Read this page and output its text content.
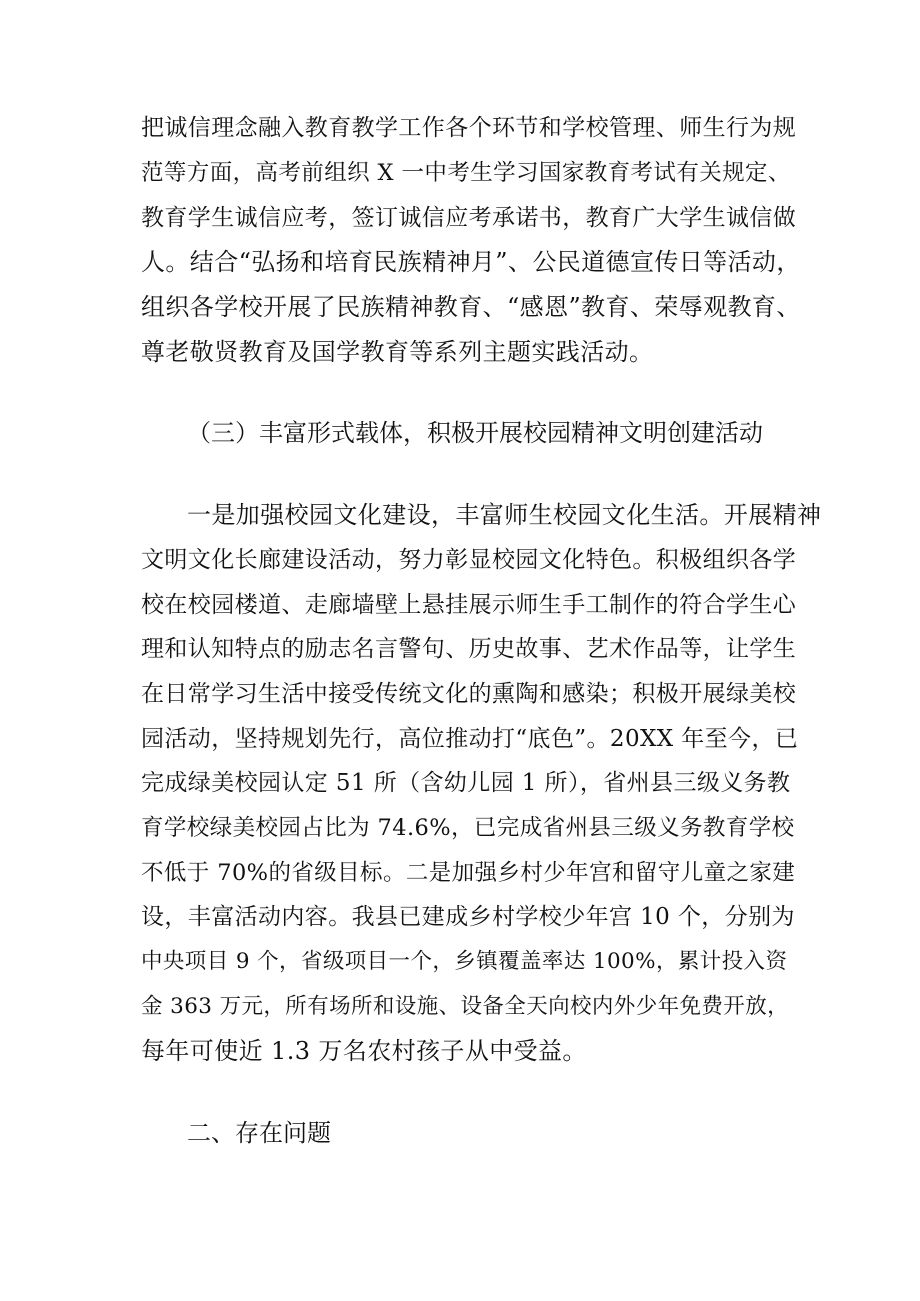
把诚信理念融入教育教学工作各个环节和学校管理、师生行为规
范等方面，高考前组织 X 一中考生学习国家教育考试有关规定、
教育学生诚信应考，签订诚信应考承诺书，教育广大学生诚信做
人。结合“弘扬和培育民族精神月”、公民道德宣传日等活动，
组织各学校开展了民族精神教育、“感恩”教育、荣辱观教育、
尊老敬贤教育及国学教育等系列主题实践活动。
（三）丰富形式载体，积极开展校园精神文明创建活动
一是加强校园文化建设，丰富师生校园文化生活。开展精神
文明文化长廊建设活动，努力彰显校园文化特色。积极组织各学
校在校园楼道、走廊墙壁上悬挂展示师生手工制作的符合学生心
理和认知特点的励志名言警句、历史故事、艺术作品等，让学生
在日常学习生活中接受传统文化的熏陶和感染；积极开展绿美校
园活动，坚持规划先行，高位推动打“底色”。20XX 年至今，已
完成绿美校园认定 51 所（含幼儿园 1 所），省州县三级义务教
育学校绿美校园占比为 74.6%，已完成省州县三级义务教育学校
不低于 70%的省级目标。二是加强乡村少年宫和留守儿童之家建
设，丰富活动内容。我县已建成乡村学校少年宫 10 个，分别为
中央项目 9 个，省级项目一个，乡镇覆盖率达 100%，累计投入资
金 363 万元，所有场所和设施、设备全天向校内外少年免费开放，
每年可使近 1.3 万名农村孩子从中受益。
二、存在问题
